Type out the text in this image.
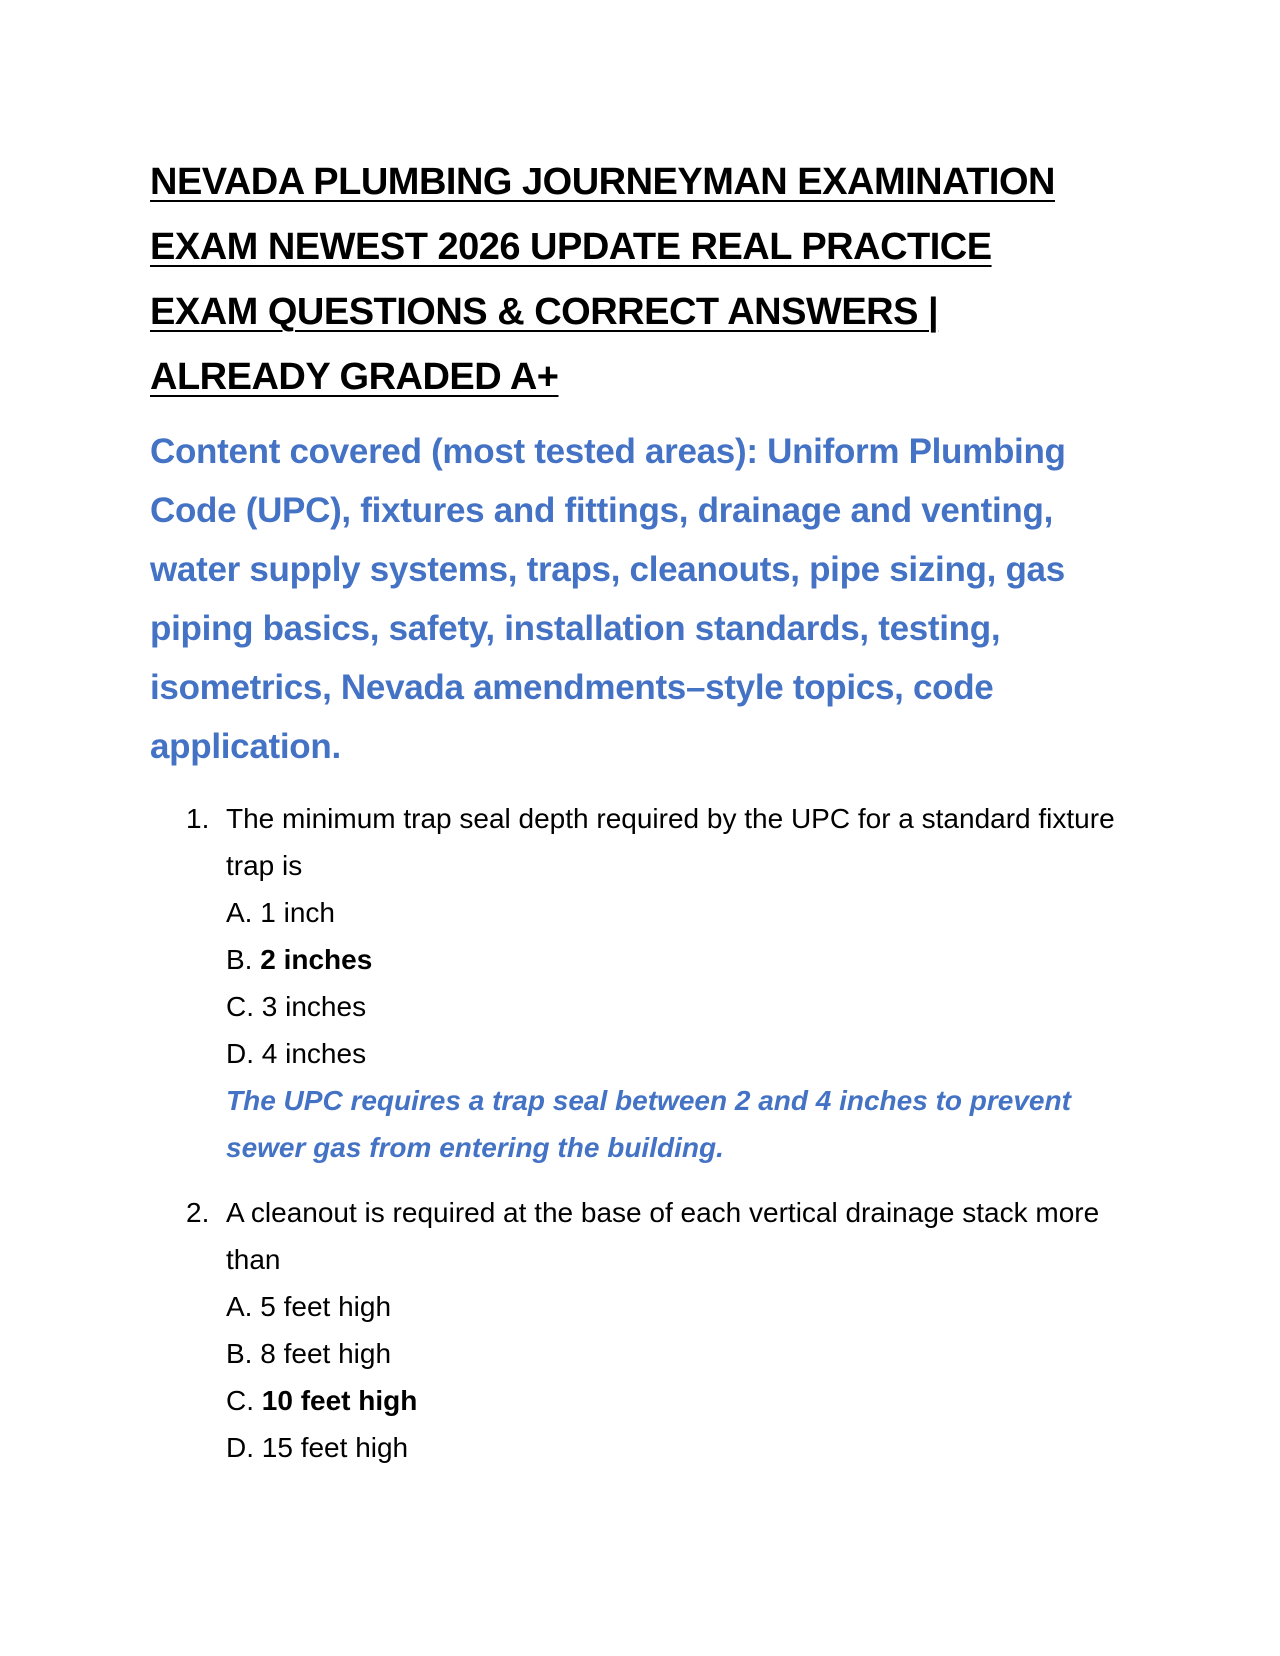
NEVADA PLUMBING JOURNEYMAN EXAMINATION
EXAM NEWEST 2026 UPDATE REAL PRACTICE
EXAM QUESTIONS & CORRECT ANSWERS |
ALREADY GRADED A+
Content covered (most tested areas): Uniform Plumbing Code (UPC), fixtures and fittings, drainage and venting, water supply systems, traps, cleanouts, pipe sizing, gas piping basics, safety, installation standards, testing, isometrics, Nevada amendments–style topics, code application.
1. The minimum trap seal depth required by the UPC for a standard fixture trap is
A. 1 inch
B. 2 inches
C. 3 inches
D. 4 inches
The UPC requires a trap seal between 2 and 4 inches to prevent sewer gas from entering the building.
2. A cleanout is required at the base of each vertical drainage stack more than
A. 5 feet high
B. 8 feet high
C. 10 feet high
D. 15 feet high
